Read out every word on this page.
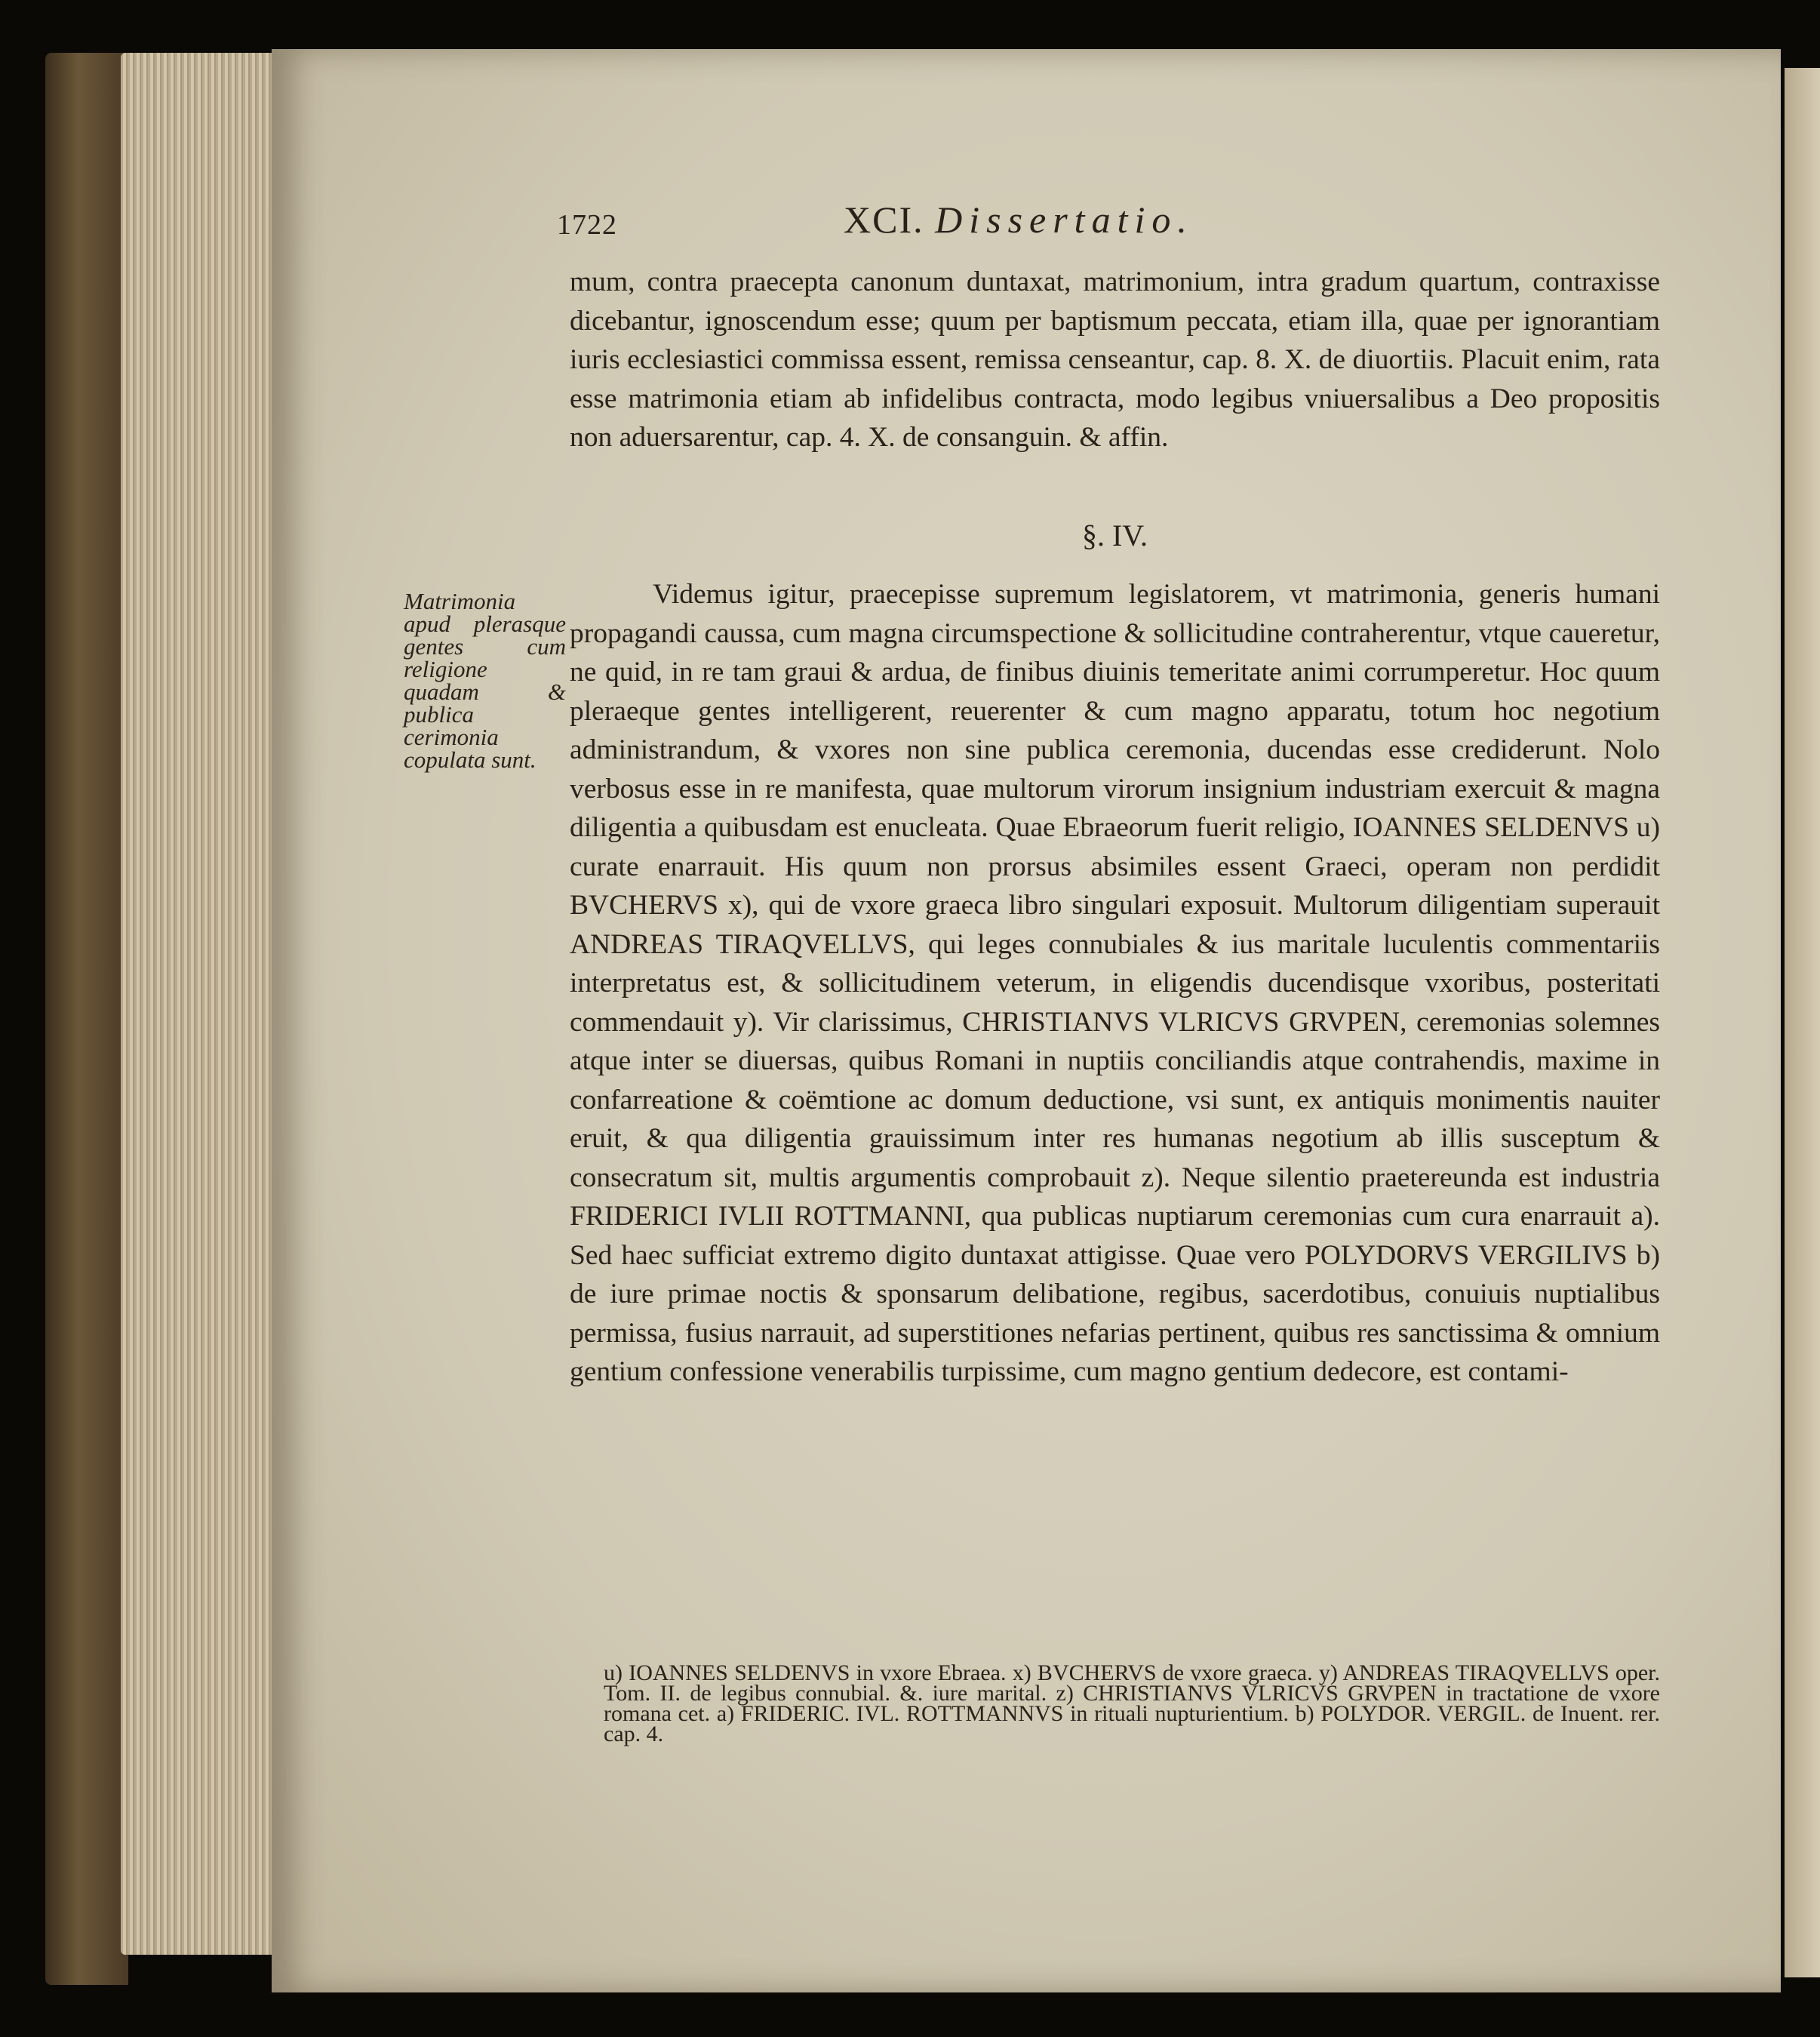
1722	XCI. Dissertatio.

mum, contra praecepta canonum duntaxat, matrimonium, intra gradum quartum, contraxisse dicebantur, ignoscendum esse; quum per baptismum peccata, etiam illa, quae per ignorantiam iuris ecclesiastici commissa essent, remissa censeantur, cap. 8. X. de diuortiis. Placuit enim, rata esse matrimonia etiam ab infidelibus contracta, modo legibus vniuersalibus a Deo propositis non aduersarentur, cap. 4. X. de consanguin. & affin.

§. IV.
Matrimonia apud plerasque gentes cum religione quadam & publica cerimonia copulata sunt.

Videmus igitur, praecepisse supremum legislatorem, vt matrimonia, generis humani propagandi caussa, cum magna circumspectione & sollicitudine contraherentur, vtque caueretur, ne quid, in re tam graui & ardua, de finibus diuinis temeritate animi corrumperetur. Hoc quum pleraeque gentes intelligerent, reuerenter & cum magno apparatu, totum hoc negotium administrandum, & vxores non sine publica ceremonia, ducendas esse crediderunt. Nolo verbosus esse in re manifesta, quae multorum virorum insignium industriam exercuit & magna diligentia a quibusdam est enucleata. Quae Ebraeorum fuerit religio, IOANNES SELDENVS u) curate enarrauit. His quum non prorsus absimiles essent Graeci, operam non perdidit BVCHERVS x), qui de vxore graeca libro singulari exposuit. Multorum diligentiam superauit ANDREAS TIRAQVELLVS, qui leges connubiales & ius maritale luculentis commentariis interpretatus est, & sollicitudinem veterum, in eligendis ducendisque vxoribus, posteritati commendauit y). Vir clarissimus, CHRISTIANVS VLRICVS GRVPEN, ceremonias solemnes atque inter se diuersas, quibus Romani in nuptiis conciliandis atque contrahendis, maxime in confarreatione & coëmtione ac domum deductione, vsi sunt, ex antiquis monimentis nauiter eruit, & qua diligentia grauissimum inter res humanas negotium ab illis susceptum & consecratum sit, multis argumentis comprobauit z). Neque silentio praetereunda est industria FRIDERICI IVLII ROTTMANNI, qua publicas nuptiarum ceremonias cum cura enarrauit a). Sed haec sufficiat extremo digito duntaxat attigisse. Quae vero POLYDORVS VERGILIVS b) de iure primae noctis & sponsarum delibatione, regibus, sacerdotibus, conuiuis nuptialibus permissa, fusius narrauit, ad superstitiones nefarias pertinent, quibus res sanctissima & omnium gentium confessione venerabilis turpissime, cum magno gentium dedecore, est contami-

u) IOANNES SELDENVS in vxore Ebraea. x) BVCHERVS de vxore graeca. y) ANDREAS TIRAQVELLVS oper. Tom. II. de legibus connubial. &. iure marital. z) CHRISTIANVS VLRICVS GRVPEN in tractatione de vxore romana cet. a) FRIDERIC. IVL. ROTTMANNVS in rituali nupturientium. b) POLYDOR. VERGIL. de Inuent. rer. cap. 4.
